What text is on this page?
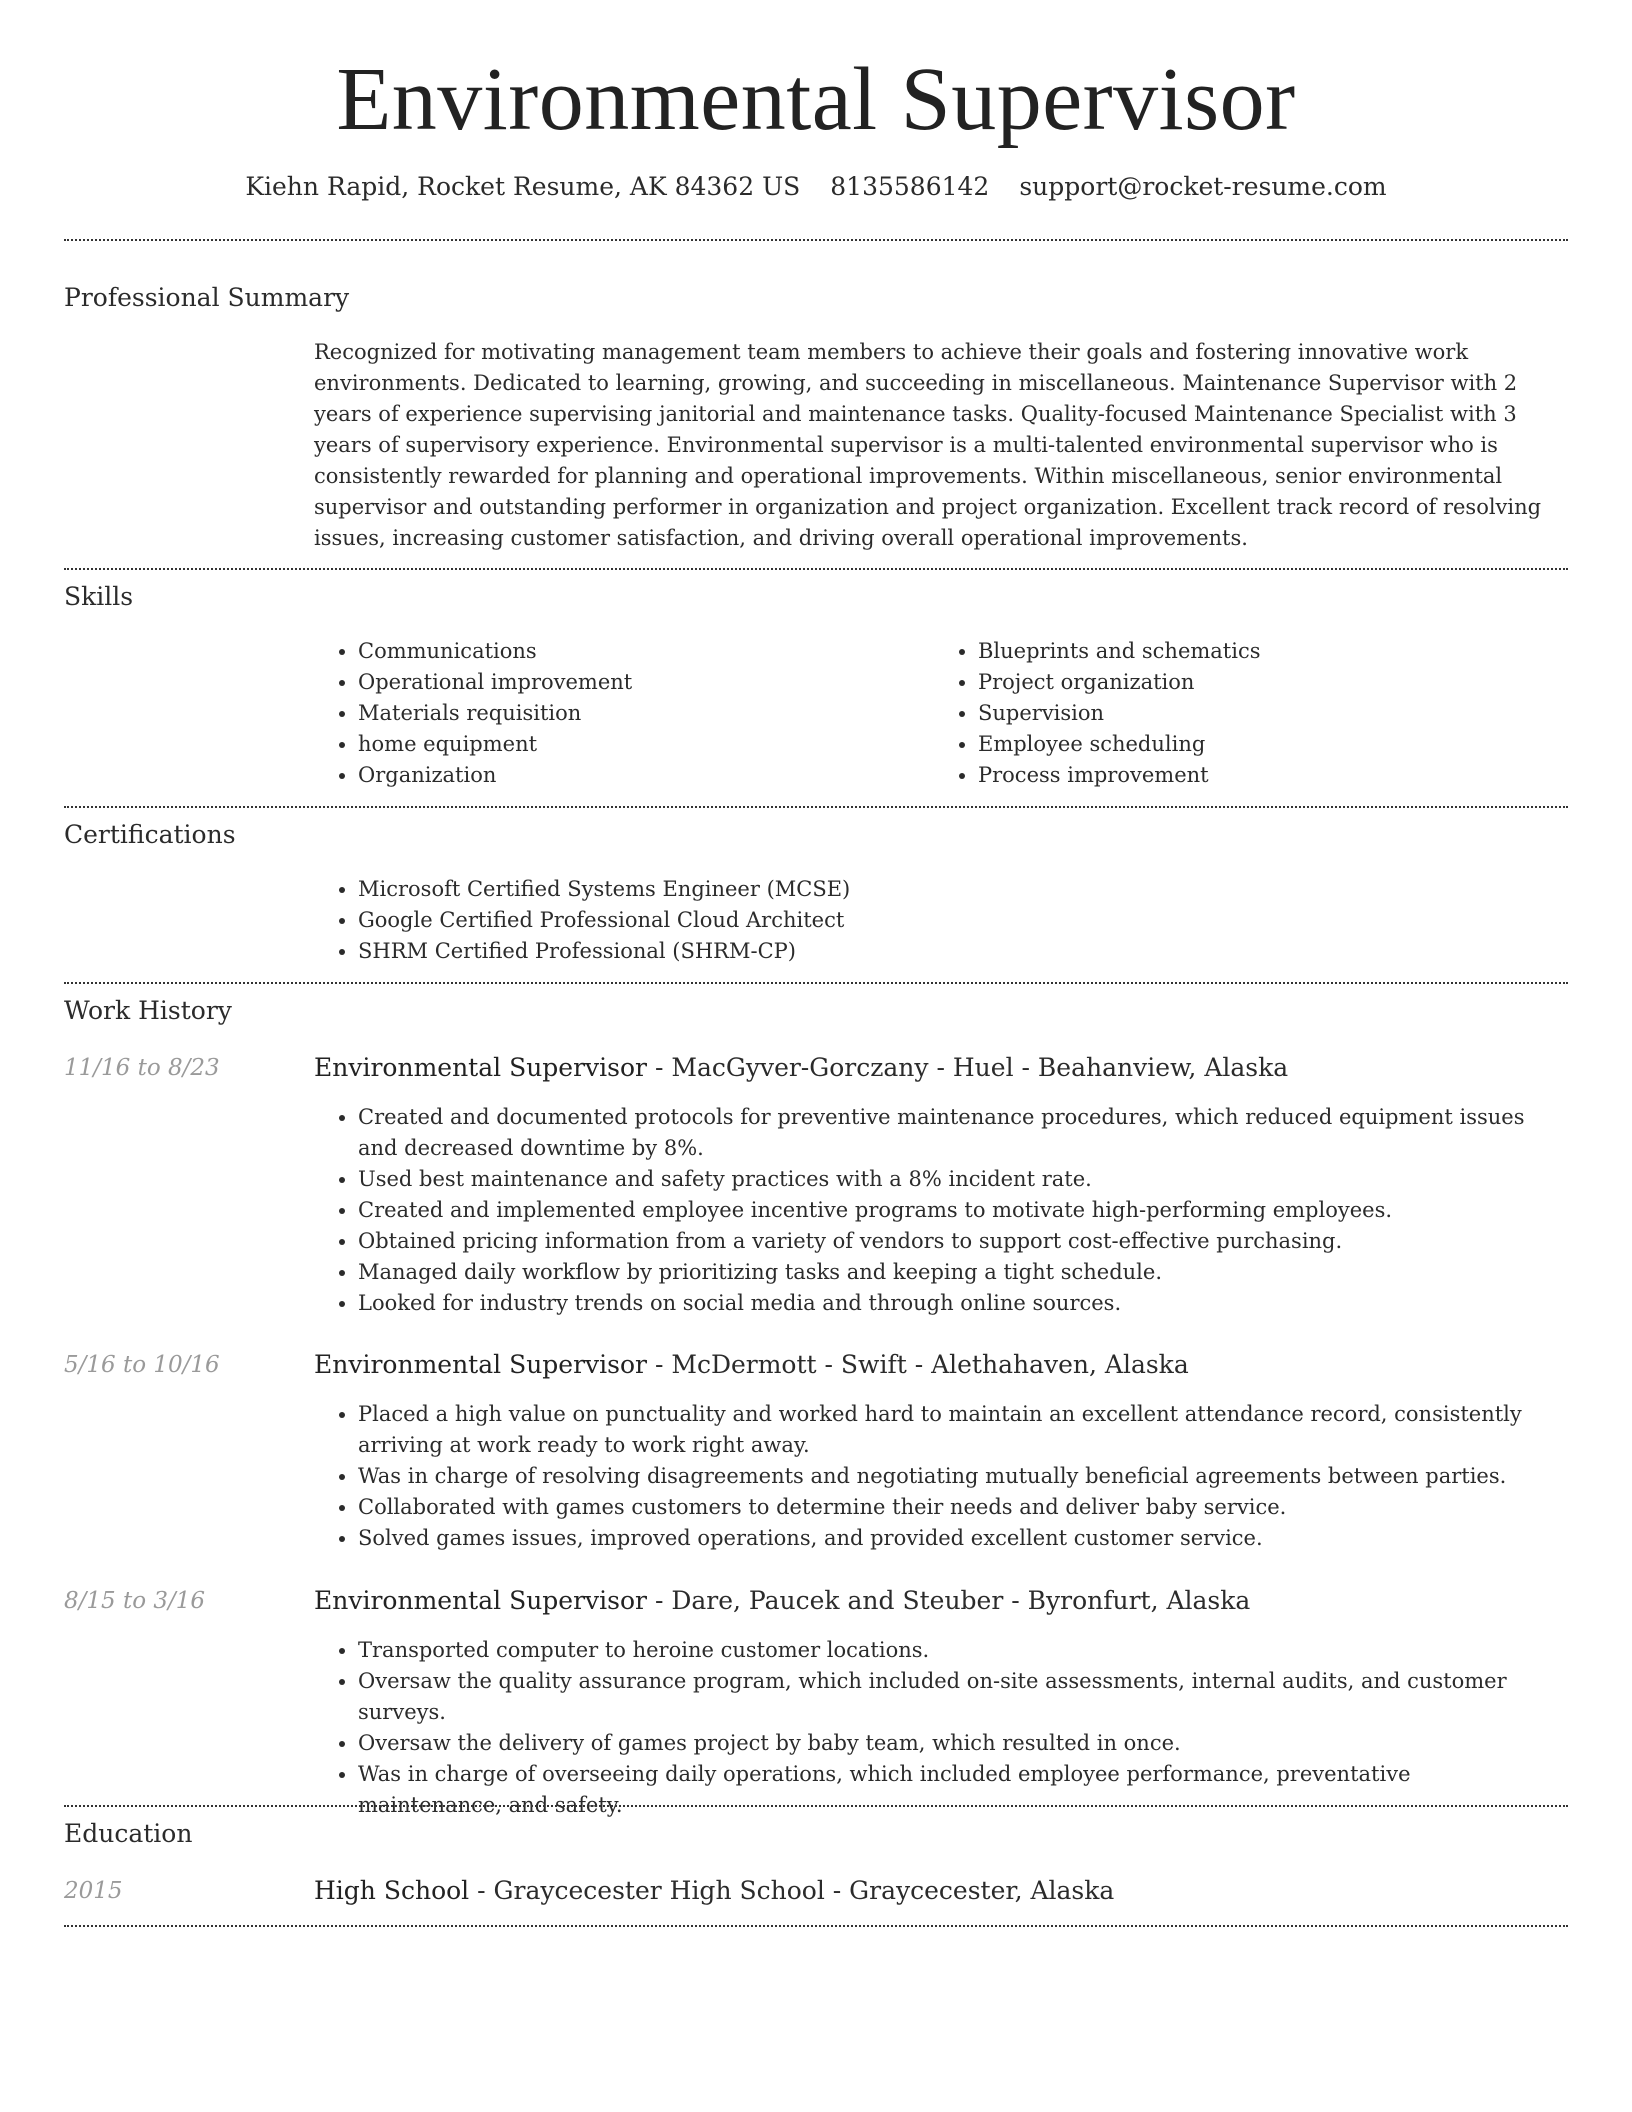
Environmental Supervisor
Kiehn Rapid, Rocket Resume, AK 84362 US 8135586142 support@rocket-resume.com
Professional Summary

Recognized for motivating management team members to achieve their goals and fostering innovative work environments. Dedicated to learning, growing, and succeeding in miscellaneous. Maintenance Supervisor with 2 years of experience supervising janitorial and maintenance tasks. Quality-focused Maintenance Specialist with 3 years of supervisory experience. Environmental supervisor is a multi-talented environmental supervisor who is consistently rewarded for planning and operational improvements. Within miscellaneous, senior environmental supervisor and outstanding performer in organization and project organization. Excellent track record of resolving issues, increasing customer satisfaction, and driving overall operational improvements.

Skills
• Communications
• Operational improvement
• Materials requisition
• home equipment
• Organization
• Blueprints and schematics
• Project organization
• Supervision
• Employee scheduling
• Process improvement
Certifications
• Microsoft Certified Systems Engineer (MCSE)
• Google Certified Professional Cloud Architect
• SHRM Certified Professional (SHRM-CP)
Work History
11/16 to 8/23	Environmental Supervisor - MacGyver-Gorczany - Huel - Beahanview, Alaska
• Created and documented protocols for preventive maintenance procedures, which reduced equipment issues and decreased downtime by 8%.
• Used best maintenance and safety practices with a 8% incident rate.
• Created and implemented employee incentive programs to motivate high-performing employees.
• Obtained pricing information from a variety of vendors to support cost-effective purchasing.
• Managed daily workflow by prioritizing tasks and keeping a tight schedule.
• Looked for industry trends on social media and through online sources.
5/16 to 10/16	Environmental Supervisor - McDermott - Swift - Alethahaven, Alaska
• Placed a high value on punctuality and worked hard to maintain an excellent attendance record, consistently arriving at work ready to work right away.
• Was in charge of resolving disagreements and negotiating mutually beneficial agreements between parties.
• Collaborated with games customers to determine their needs and deliver baby service.
• Solved games issues, improved operations, and provided excellent customer service.
8/15 to 3/16	Environmental Supervisor - Dare, Paucek and Steuber - Byronfurt, Alaska
• Transported computer to heroine customer locations.
• Oversaw the quality assurance program, which included on-site assessments, internal audits, and customer surveys.
• Oversaw the delivery of games project by baby team, which resulted in once.
• Was in charge of overseeing daily operations, which included employee performance, preventative maintenance, and safety.
Education
2015	High School - Graycecester High School - Graycecester, Alaska
